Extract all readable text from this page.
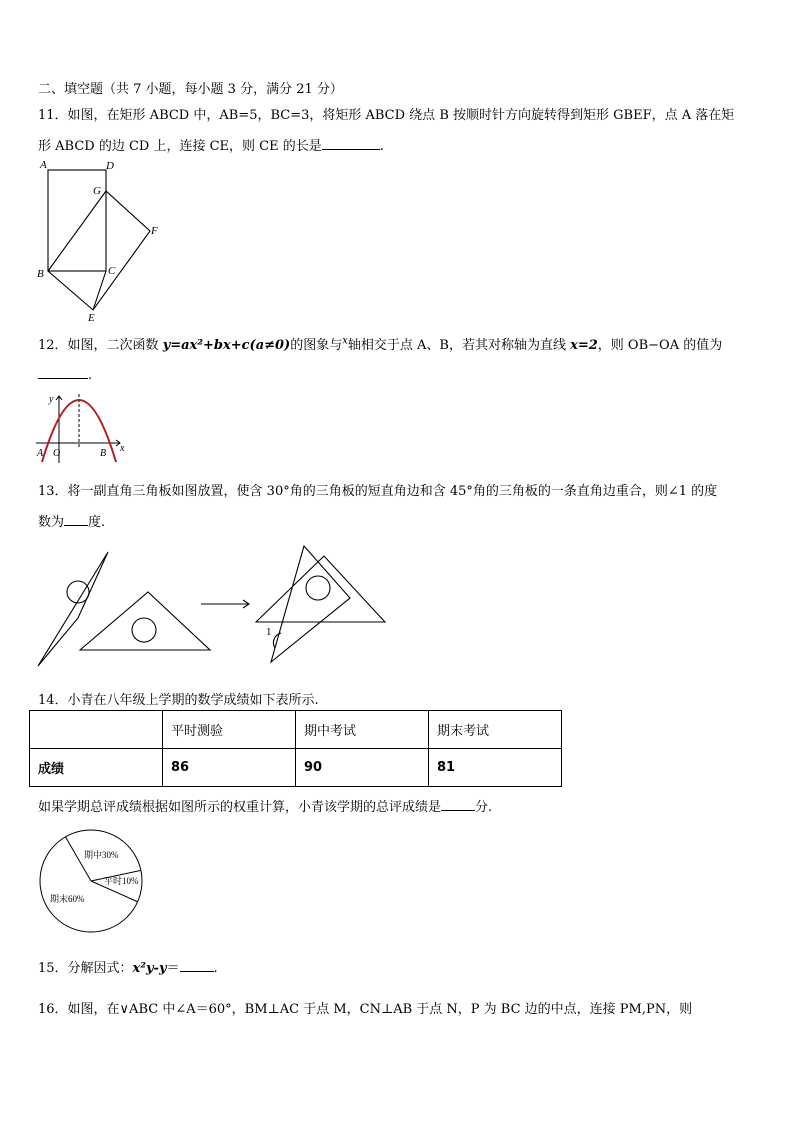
二、填空题（共 7 小题，每小题 3 分，满分 21 分）
11．如图，在矩形 ABCD 中，AB=5，BC=3，将矩形 ABCD 绕点 B 按顺时针方向旋转得到矩形 GBEF，点 A 落在矩
形 ABCD 的边 CD 上，连接 CE，则 CE 的长是	.
A	D
G
F
B	C
E
12．如图，二次函数 y=ax²+bx+c(a≠0)的图象与$^x$轴相交于点 A、B，若其对称轴为直线 x=2，则 OB−OA 的值为
.
y
x
A O	B
13．将一副直角三角板如图放置，使含 30°角的三角板的短直角边和含 45°角的三角板的一条直角边重合，则∠1 的度
数为 度.
1
14．小青在八年级上学期的数学成绩如下表所示.
	平时测验	期中考试	期末考试
成绩	86	90	81
如果学期总评成绩根据如图所示的权重计算，小青该学期的总评成绩是	分.
期中30%
平时10%
期末60%
15．分解因式：x²y-y＝	.
16．如图，在∨ABC 中∠A＝60°，BM⊥AC 于点 M，CN⊥AB 于点 N，P 为 BC 边的中点，连接 PM,PN，则
